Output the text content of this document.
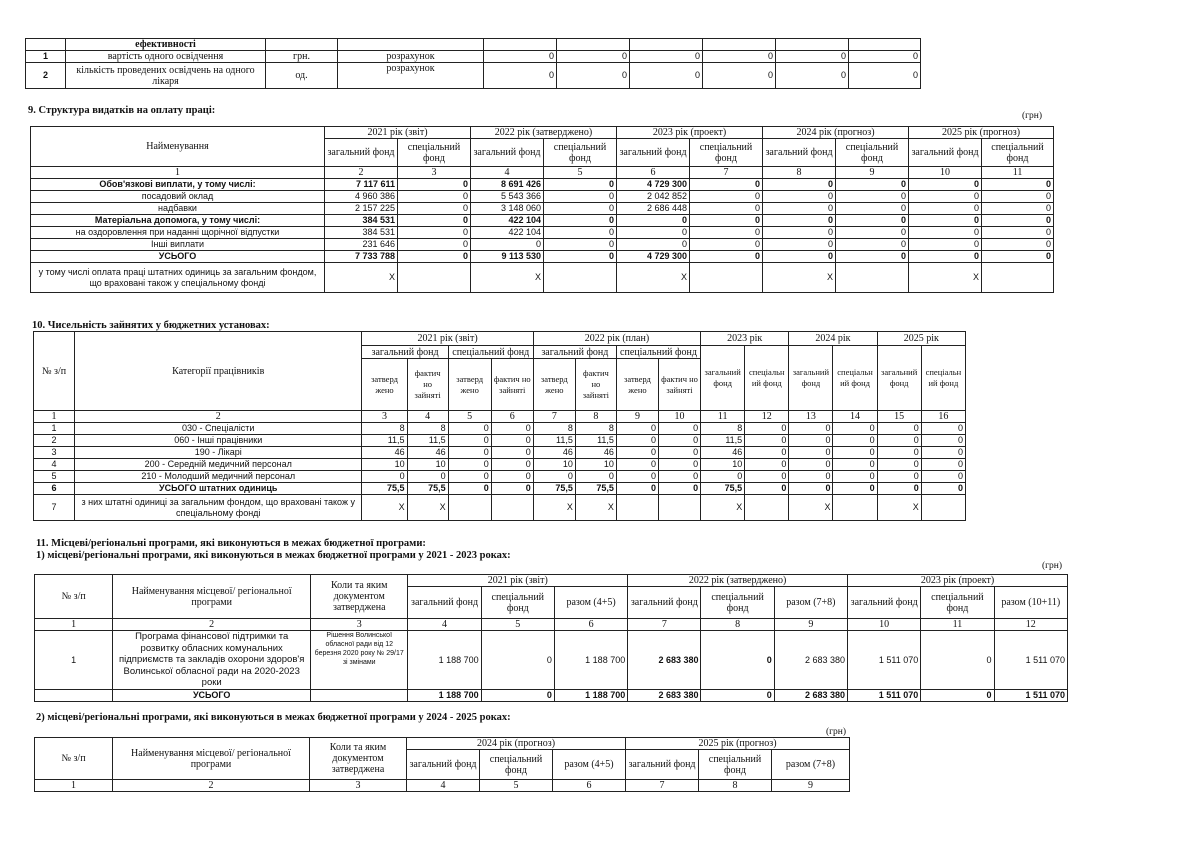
	ефективності								
1	вартість одного освідчення	грн.	розрахунок	0	0	0	0	0	0
2	кількість проведених освідчень на одного лікаря	од.	розрахунок	0	0	0	0	0	0
9. Структура видатків на оплату праці:	(грн)
Найменування	2021 рік (звіт)		2022 рік (затверджено)		2023 рік (проект)		2024 рік (прогноз)		2025 рік (прогноз)	
	загальний фонд	спеціальний фонд	загальний фонд	спеціальний фонд	загальний фонд	спеціальний фонд	загальний фонд	спеціальний фонд	загальний фонд	спеціальний фонд
1	2	3	4	5	6	7	8	9	10	11
Обов'язкові виплати, у тому числі:	7 117 611	0	8 691 426	0	4 729 300	0	0	0	0	0
посадовий оклад	4 960 386	0	5 543 366	0	2 042 852	0	0	0	0	0
надбавки	2 157 225	0	3 148 060	0	2 686 448	0	0	0	0	0
Матеріальна допомога, у тому числі:	384 531	0	422 104	0	0	0	0	0	0	0
на оздоровлення при наданні щорічної відпустки	384 531	0	422 104	0	0	0	0	0	0	0
Інші виплати	231 646	0	0	0	0	0	0	0	0	0
УСЬОГО	7 733 788	0	9 113 530	0	4 729 300	0	0	0	0	0
у тому числі оплата праці штатних одиниць за загальним фондом, що враховані також у спеціальному фонді	X		X		X		X		X	
10. Чисельність зайнятих у бюджетних установах:
№ з/п	Категорії працівників	2021 рік (звіт)				2022 рік (план)				2023 рік		2024 рік		2025 рік	
		загальний фонд		спеціальний фонд		загальний фонд		спеціальний фонд		загальний фонд	спеціальн ий фонд	загальний фонд	спеціальн ий фонд	загальний фонд	спеціальн ий фонд
		затверд жено	фактич но зайняті	затверд жено	фактич но зайняті	затверд жено	фактич но зайняті	затверд жено	фактич но зайняті						
1	2	3	4	5	6	7	8	9	10	11	12	13	14	15	16
1	030 - Спеціалісти	8	8	0	0	8	8	0	0	8	0	0	0	0	0
2	060 - Інші працівники	11,5	11,5	0	0	11,5	11,5	0	0	11,5	0	0	0	0	0
3	190 - Лікарі	46	46	0	0	46	46	0	0	46	0	0	0	0	0
4	200 - Середній медичний персонал	10	10	0	0	10	10	0	0	10	0	0	0	0	0
5	210 - Молодший медичний персонал	0	0	0	0	0	0	0	0	0	0	0	0	0	0
6	УСЬОГО штатних одиниць	75,5	75,5	0	0	75,5	75,5	0	0	75,5	0	0	0	0	0
7	з них штатні одиниці за загальним фондом, що враховані також у спеціальному фонді	X	X			X	X			X		X		X	
11. Місцеві/регіональні програми, які виконуються в межах бюджетної програми:
1) місцеві/регіональні програми, які виконуються в межах бюджетної програми у 2021 - 2023 роках:
(грн)
№ з/п	Найменування місцевої/ регіональної програми	Коли та яким документом затверджена	2021 рік (звіт)			2022 рік (затверджено)			2023 рік (проект)		
			загальний фонд	спеціальний фонд	разом (4+5)	загальний фонд	спеціальний фонд	разом (7+8)	загальний фонд	спеціальний фонд	разом (10+11)
1	2	3	4	5	6	7	8	9	10	11	12
1	Програма фінансової підтримки та розвитку обласних комунальних підприємств та закладів охорони здоров'я Волинської обласної ради на 2020-2023 роки	Рішення Волинської обласної ради від 12 березня 2020 року № 29/17 зі змінами	1 188 700	0	1 188 700	2 683 380	0	2 683 380	1 511 070	0	1 511 070
	УСЬОГО		1 188 700	0	1 188 700	2 683 380	0	2 683 380	1 511 070	0	1 511 070
2) місцеві/регіональні програми, які виконуються в межах бюджетної програми у 2024 - 2025 роках:
(грн)
№ з/п	Найменування місцевої/ регіональної програми	Коли та яким документом затверджена	2024 рік (прогноз)			2025 рік (прогноз)		
			загальний фонд	спеціальний фонд	разом (4+5)	загальний фонд	спеціальний фонд	разом (7+8)
1	2	3	4	5	6	7	8	9
